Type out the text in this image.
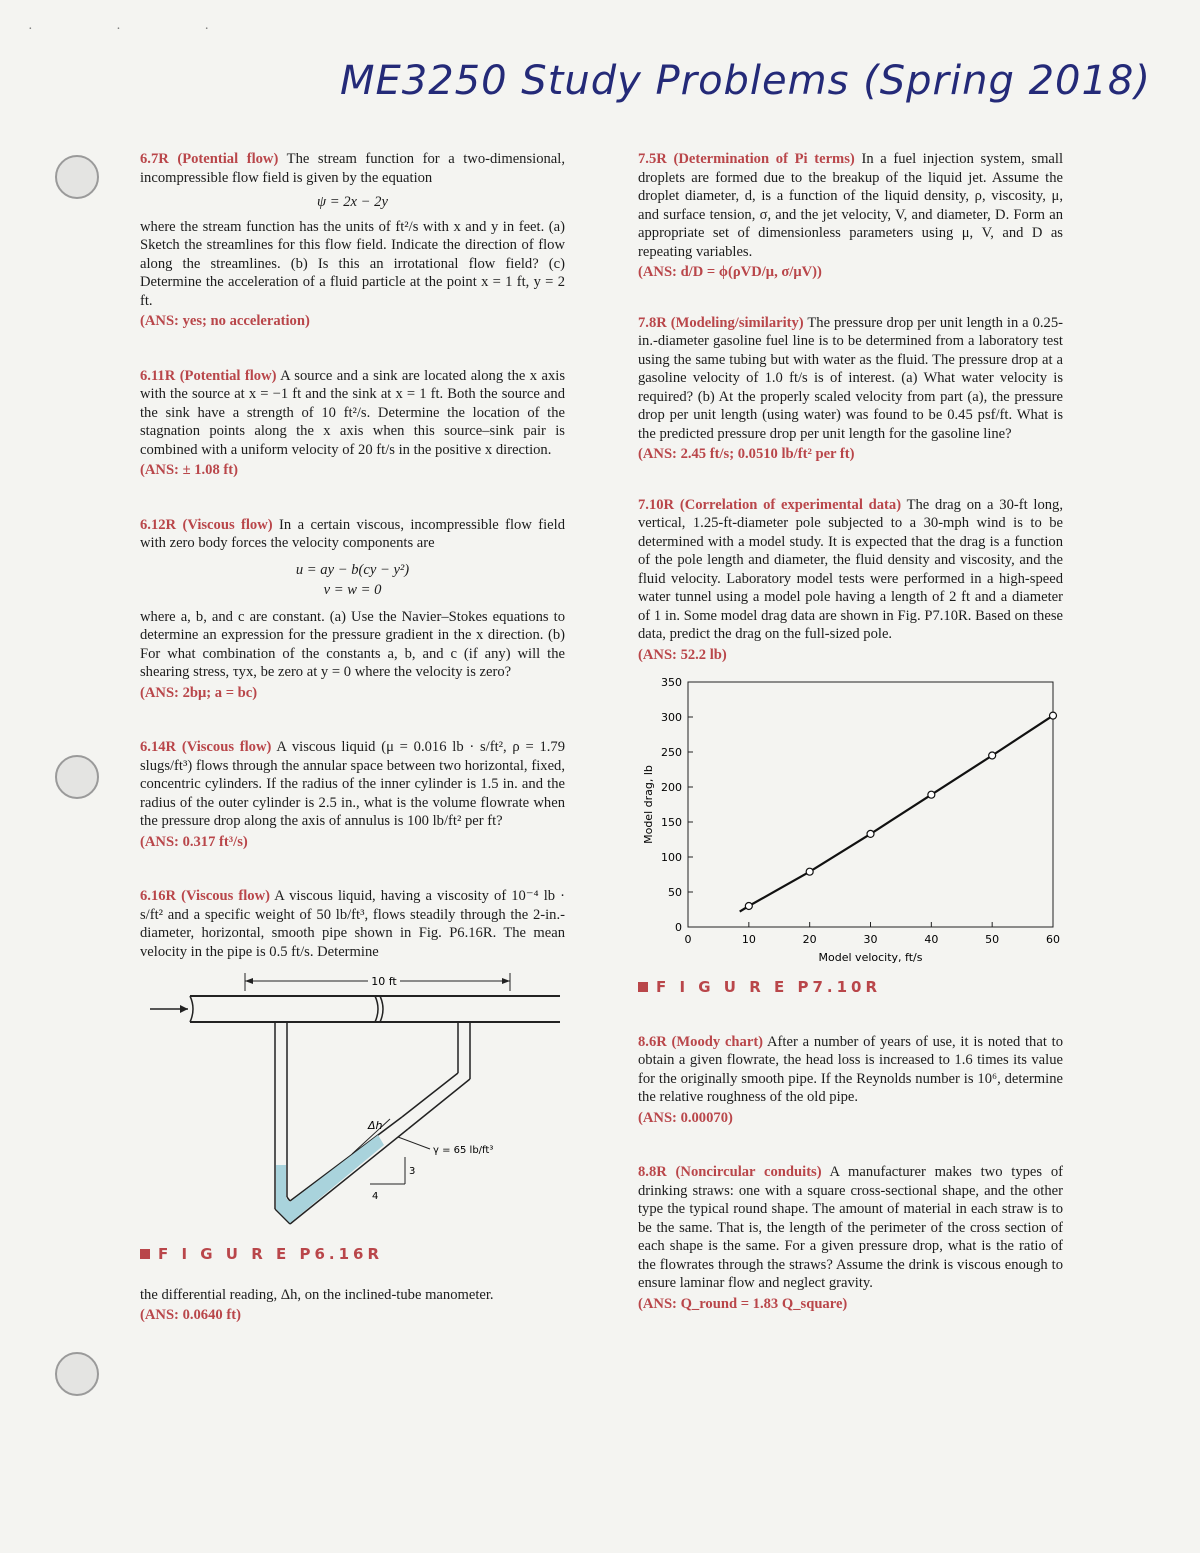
· · ·
ME3250 Study Problems (Spring 2018)
6.7R (Potential flow) The stream function for a two-dimensional, incompressible flow field is given by the equation
ψ = 2x − 2y
where the stream function has the units of ft²/s with x and y in feet. (a) Sketch the streamlines for this flow field. Indicate the direction of flow along the streamlines. (b) Is this an irrotational flow field? (c) Determine the acceleration of a fluid particle at the point x = 1 ft, y = 2 ft.
(ANS: yes; no acceleration)
6.11R (Potential flow) A source and a sink are located along the x axis with the source at x = −1 ft and the sink at x = 1 ft. Both the source and the sink have a strength of 10 ft²/s. Determine the location of the stagnation points along the x axis when this source–sink pair is combined with a uniform velocity of 20 ft/s in the positive x direction.
(ANS: ± 1.08 ft)
6.12R (Viscous flow) In a certain viscous, incompressible flow field with zero body forces the velocity components are
u = ay − b(cy − y²)
v = w = 0
where a, b, and c are constant. (a) Use the Navier–Stokes equations to determine an expression for the pressure gradient in the x direction. (b) For what combination of the constants a, b, and c (if any) will the shearing stress, τyx, be zero at y = 0 where the velocity is zero?
(ANS: 2bμ; a = bc)
6.14R (Viscous flow) A viscous liquid (μ = 0.016 lb · s/ft², ρ = 1.79 slugs/ft³) flows through the annular space between two horizontal, fixed, concentric cylinders. If the radius of the inner cylinder is 1.5 in. and the radius of the outer cylinder is 2.5 in., what is the volume flowrate when the pressure drop along the axis of annulus is 100 lb/ft² per ft?
(ANS: 0.317 ft³/s)
6.16R (Viscous flow) A viscous liquid, having a viscosity of 10⁻⁴ lb · s/ft² and a specific weight of 50 lb/ft³, flows steadily through the 2-in.-diameter, horizontal, smooth pipe shown in Fig. P6.16R. The mean velocity in the pipe is 0.5 ft/s. Determine
10 ft
Δh
3
4
γ = 65 lb/ft³
F I G U R E P6.16R
the differential reading, Δh, on the inclined-tube manometer.
(ANS: 0.0640 ft)
7.5R (Determination of Pi terms) In a fuel injection system, small droplets are formed due to the breakup of the liquid jet. Assume the droplet diameter, d, is a function of the liquid density, ρ, viscosity, μ, and surface tension, σ, and the jet velocity, V, and diameter, D. Form an appropriate set of dimensionless parameters using μ, V, and D as repeating variables.
(ANS: d/D = ϕ(ρVD/μ, σ/μV))
7.8R (Modeling/similarity) The pressure drop per unit length in a 0.25-in.-diameter gasoline fuel line is to be determined from a laboratory test using the same tubing but with water as the fluid. The pressure drop at a gasoline velocity of 1.0 ft/s is of interest. (a) What water velocity is required? (b) At the properly scaled velocity from part (a), the pressure drop per unit length (using water) was found to be 0.45 psf/ft. What is the predicted pressure drop per unit length for the gasoline line?
(ANS: 2.45 ft/s; 0.0510 lb/ft² per ft)
7.10R (Correlation of experimental data) The drag on a 30-ft long, vertical, 1.25-ft-diameter pole subjected to a 30-mph wind is to be determined with a model study. It is expected that the drag is a function of the pole length and diameter, the fluid density and viscosity, and the fluid velocity. Laboratory model tests were performed in a high-speed water tunnel using a model pole having a length of 2 ft and a diameter of 1 in. Some model drag data are shown in Fig. P7.10R. Based on these data, predict the drag on the full-sized pole.
(ANS: 52.2 lb)
0
50
100
150
200
250
300
350
0	10	20	30	40	50	60
Model velocity, ft/s
Model drag, lb
F I G U R E P7.10R
8.6R (Moody chart) After a number of years of use, it is noted that to obtain a given flowrate, the head loss is increased to 1.6 times its value for the originally smooth pipe. If the Reynolds number is 10⁶, determine the relative roughness of the old pipe.
(ANS: 0.00070)
8.8R (Noncircular conduits) A manufacturer makes two types of drinking straws: one with a square cross-sectional shape, and the other type the typical round shape. The amount of material in each straw is to be the same. That is, the length of the perimeter of the cross section of each shape is the same. For a given pressure drop, what is the ratio of the flowrates through the straws? Assume the drink is viscous enough to ensure laminar flow and neglect gravity.
(ANS: Q_round = 1.83 Q_square)
